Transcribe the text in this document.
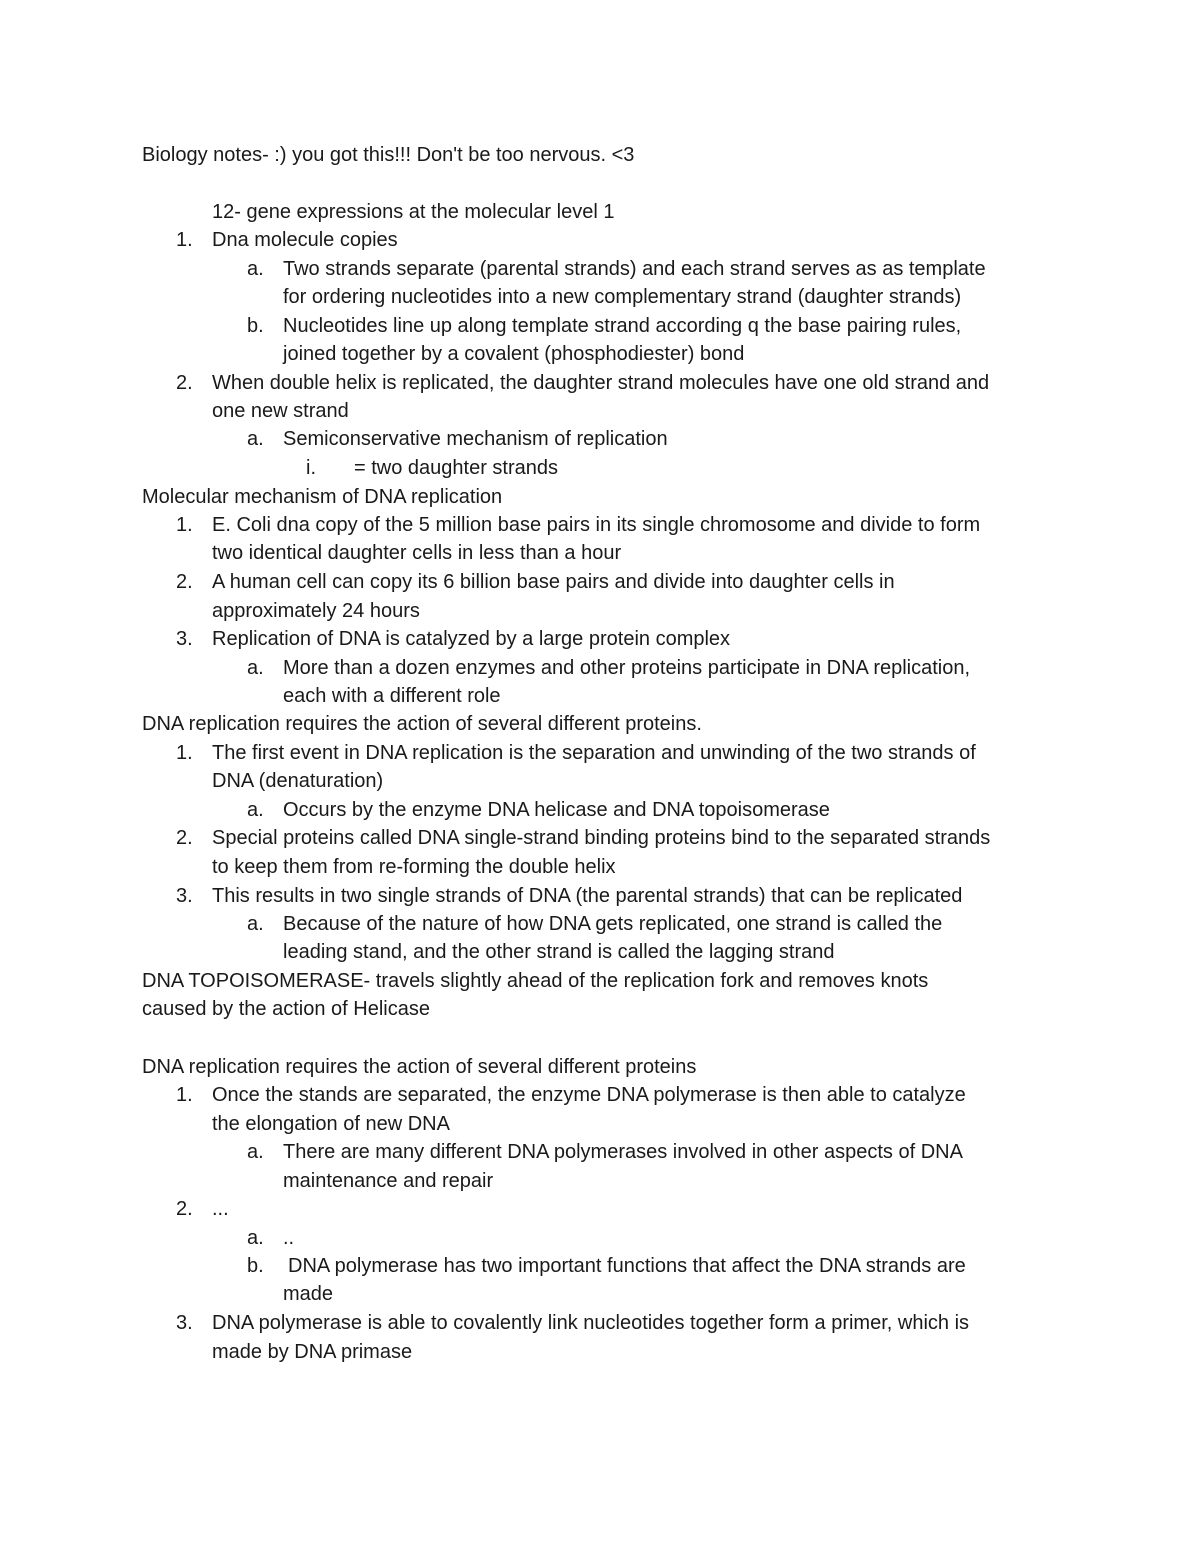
Biology notes- :) you got this!!! Don't be too nervous. <3
12- gene expressions at the molecular level 1
1. Dna molecule copies
a. Two strands separate (parental strands) and each strand serves as as template
for ordering nucleotides into a new complementary strand (daughter strands)
b. Nucleotides line up along template strand according q the base pairing rules,
joined together by a covalent (phosphodiester) bond
2. When double helix is replicated, the daughter strand molecules have one old strand and
one new strand
a. Semiconservative mechanism of replication
i. = two daughter strands
Molecular mechanism of DNA replication
1. E. Coli dna copy of the 5 million base pairs in its single chromosome and divide to form
two identical daughter cells in less than a hour
2. A human cell can copy its 6 billion base pairs and divide into daughter cells in
approximately 24 hours
3. Replication of DNA is catalyzed by a large protein complex
a. More than a dozen enzymes and other proteins participate in DNA replication,
each with a different role
DNA replication requires the action of several different proteins.
1. The first event in DNA replication is the separation and unwinding of the two strands of
DNA (denaturation)
a. Occurs by the enzyme DNA helicase and DNA topoisomerase
2. Special proteins called DNA single-strand binding proteins bind to the separated strands
to keep them from re-forming the double helix
3. This results in two single strands of DNA (the parental strands) that can be replicated
a. Because of the nature of how DNA gets replicated, one strand is called the
leading stand, and the other strand is called the lagging strand
DNA TOPOISOMERASE- travels slightly ahead of the replication fork and removes knots
caused by the action of Helicase
DNA replication requires the action of several different proteins
1. Once the stands are separated, the enzyme DNA polymerase is then able to catalyze
the elongation of new DNA
a. There are many different DNA polymerases involved in other aspects of DNA
maintenance and repair
2. ...
a. ..
b. DNA polymerase has two important functions that affect the DNA strands are
made
3. DNA polymerase is able to covalently link nucleotides together form a primer, which is
made by DNA primase
